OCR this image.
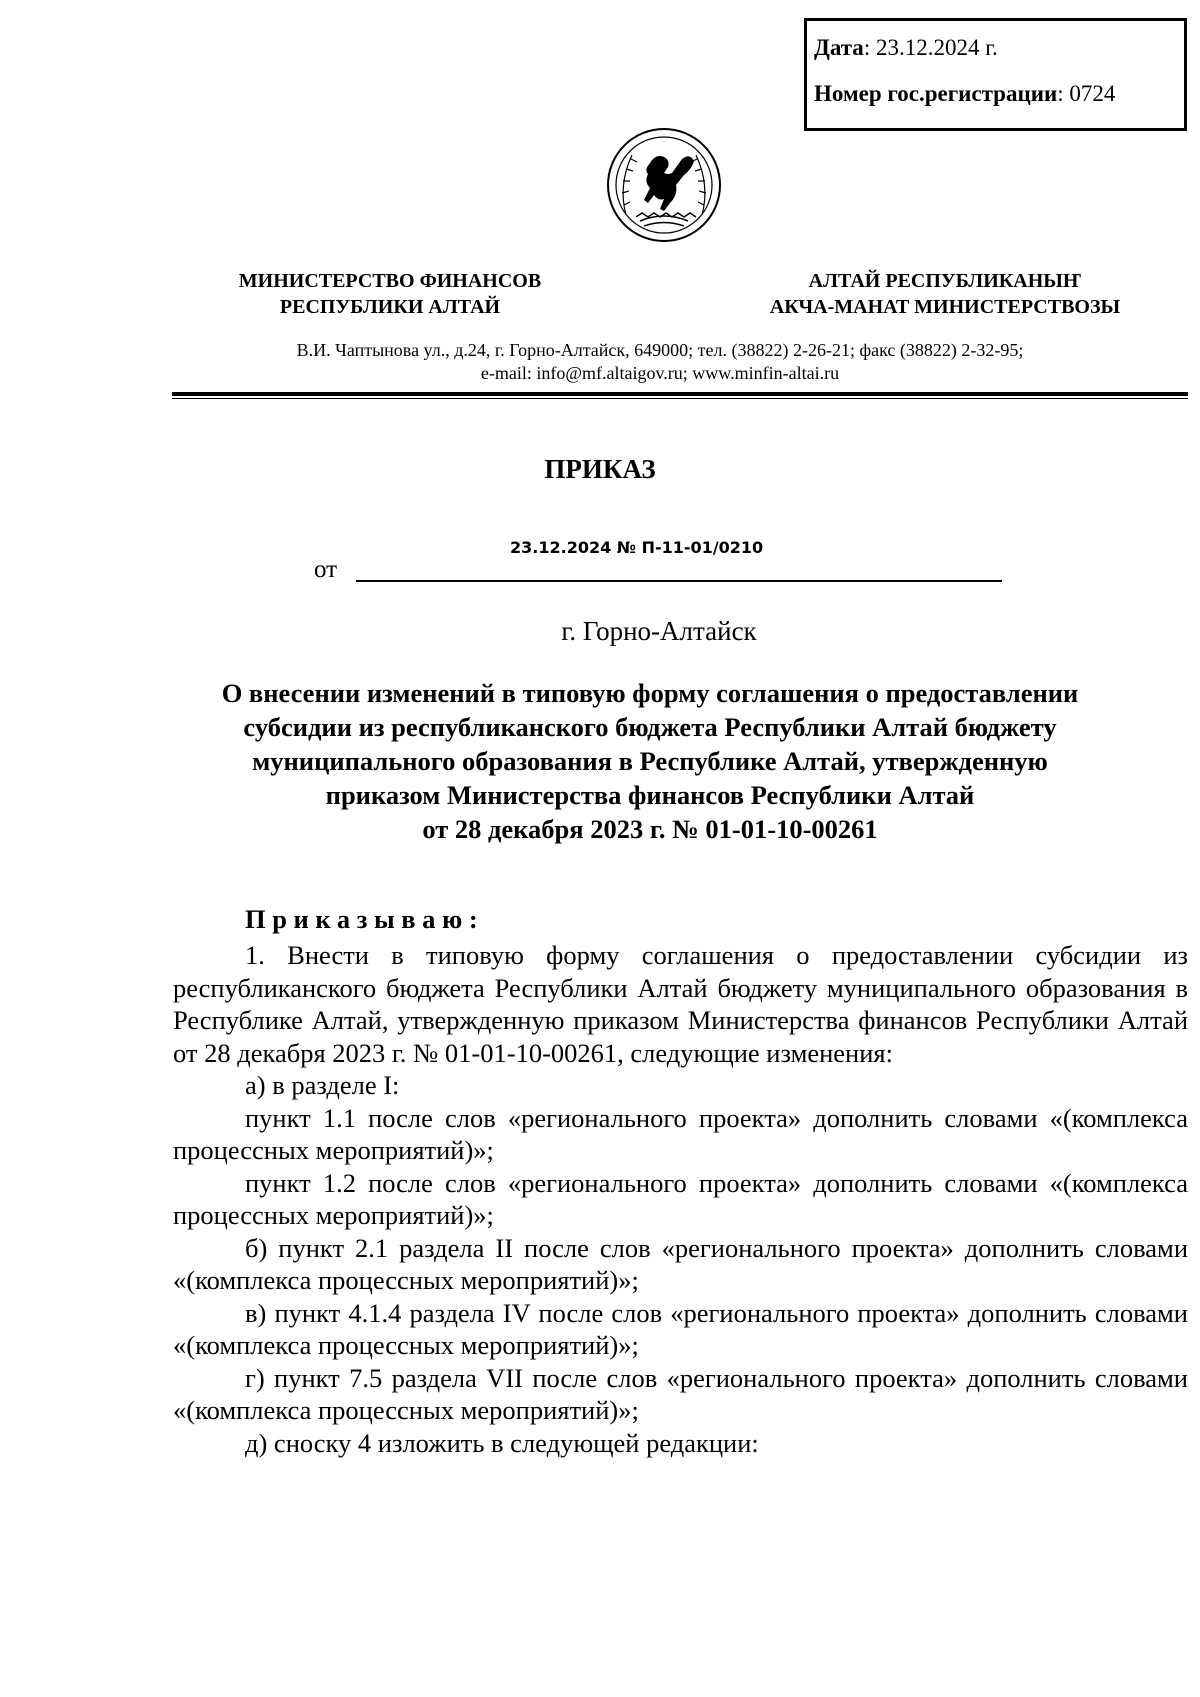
Дата: 23.12.2024 г.
Номер гос.регистрации: 0724
МИНИСТЕРСТВО ФИНАНСОВ
РЕСПУБЛИКИ АЛТАЙ
АЛТАЙ РЕСПУБЛИКАНЫҤ
АКЧА-МАНАТ МИНИСТЕРСТВОЗЫ
В.И. Чаптынова ул., д.24, г. Горно-Алтайск, 649000; тел. (38822) 2-26-21; факс (38822) 2-32-95;
e-mail: info@mf.altaigov.ru; www.minfin-altai.ru
ПРИКАЗ
23.12.2024 № П-11-01/0210
от
г. Горно-Алтайск
О внесении изменений в типовую форму соглашения о предоставлении
субсидии из республиканского бюджета Республики Алтай бюджету
муниципального образования в Республике Алтай, утвержденную
приказом Министерства финансов Республики Алтай
от 28 декабря 2023 г. № 01-01-10-00261
Приказываю:

1. Внести в типовую форму соглашения о предоставлении субсидии из республиканского бюджета Республики Алтай бюджету муниципального образования в Республике Алтай, утвержденную приказом Министерства финансов Республики Алтай от 28 декабря 2023 г. № 01-01-10-00261, следующие изменения:

а) в разделе I:

пункт 1.1 после слов «регионального проекта» дополнить словами «(комплекса процессных мероприятий)»;

пункт 1.2 после слов «регионального проекта» дополнить словами «(комплекса процессных мероприятий)»;

б) пункт 2.1 раздела II после слов «регионального проекта» дополнить словами «(комплекса процессных мероприятий)»;

в) пункт 4.1.4 раздела IV после слов «регионального проекта» дополнить словами «(комплекса процессных мероприятий)»;

г) пункт 7.5 раздела VII после слов «регионального проекта» дополнить словами «(комплекса процессных мероприятий)»;

д) сноску 4 изложить в следующей редакции:
